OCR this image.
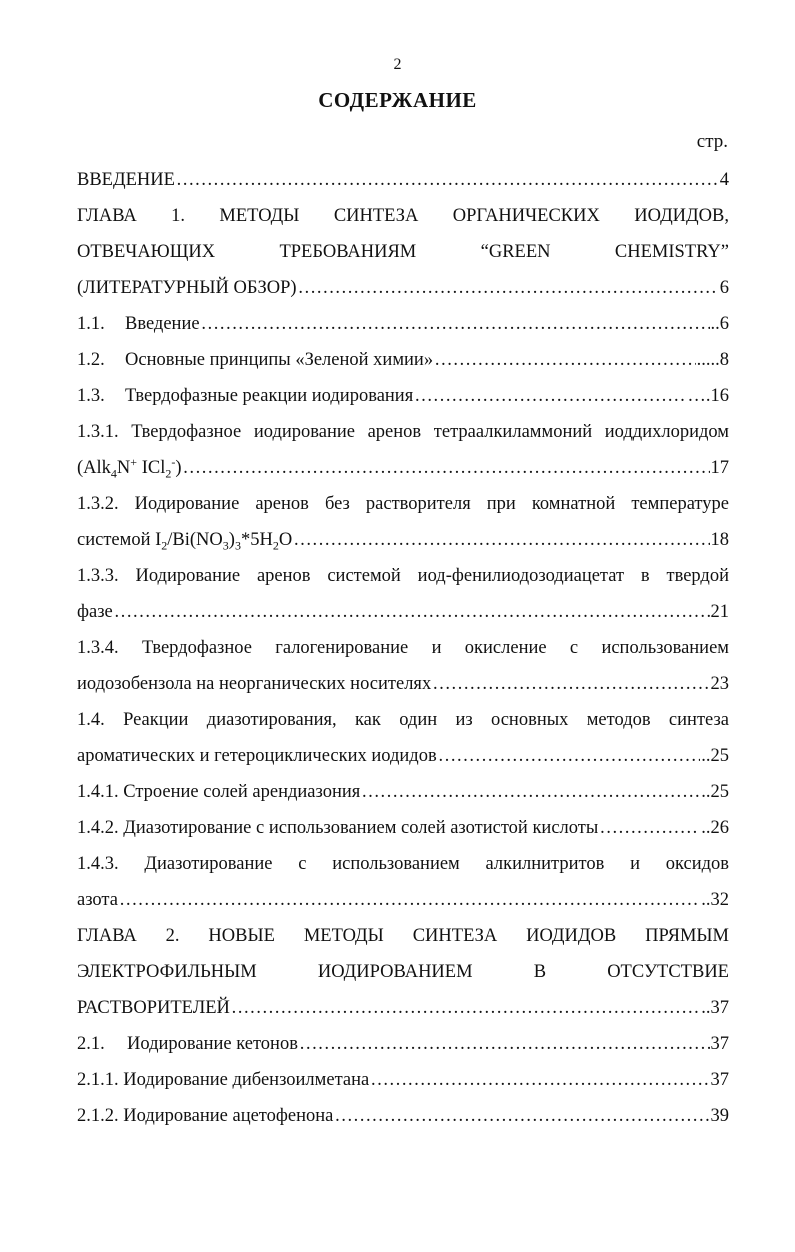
2
СОДЕРЖАНИЕ
стр.
ВВЕДЕНИЕ ……………………………………………………………………………………………………………………………………………………	4
ГЛАВА 1. МЕТОДЫ СИНТЕЗА ОРГАНИЧЕСКИХ ИОДИДОВ,
ОТВЕЧАЮЩИХ ТРЕБОВАНИЯМ “GREEN CHEMISTRY”
(ЛИТЕРАТУРНЫЙ ОБЗОР) ……………………………………………………………………………………………………………………………………………………	6
1.1.	Введение ……………………………………………………………………………………………………………………………………………………	.. 6
1.2.	Основные принципы «Зеленой химии» ……………………………………………………………………………………………………………………………………………………	..... 8
1.3.	Твердофазные реакции иодирования ……………………………………………………………………………………………………………………………………………………	…. 16
1.3.1. Твердофазное иодирование аренов тетраалкиламмоний иоддихлоридом
(Alk$_4$N+ ICl$_2$-) ……………………………………………………………………………………………………………………………………………………	17
1.3.2. Иодирование аренов без растворителя при комнатной температуре
системой $I_2/Bi(NO_3)_3*5H_2O$ ……………………………………………………………………………………………………………………………………………………	18
1.3.3. Иодирование аренов системой иод-фенилиодозодиацетат в твердой
фазе ……………………………………………………………………………………………………………………………………………………	21
1.3.4. Твердофазное галогенирование и окисление с использованием
иодозобензола на неорганических носителях ……………………………………………………………………………………………………………………………………………………	23
1.4. Реакции диазотирования, как один из основных методов синтеза
ароматических и гетероциклических иодидов ……………………………………………………………………………………………………………………………………………………	.. 25
1.4.1. Строение солей арендиазония ……………………………………………………………………………………………………………………………………………………	.. 25
1.4.2. Диазотирование с использованием солей азотистой кислоты ……………………………………………………………………………………………………………………………………………………	.. 26
1.4.3. Диазотирование с использованием алкилнитритов и оксидов
азота ……………………………………………………………………………………………………………………………………………………	.. 32
ГЛАВА 2. НОВЫЕ МЕТОДЫ СИНТЕЗА ИОДИДОВ ПРЯМЫМ
ЭЛЕКТРОФИЛЬНЫМ ИОДИРОВАНИЕМ В ОТСУТСТВИЕ
РАСТВОРИТЕЛЕЙ ……………………………………………………………………………………………………………………………………………………	.. 37
2.1.	Иодирование кетонов ……………………………………………………………………………………………………………………………………………………	37
2.1.1. Иодирование дибензоилметана ……………………………………………………………………………………………………………………………………………………	37
2.1.2. Иодирование ацетофенона ……………………………………………………………………………………………………………………………………………………	39
